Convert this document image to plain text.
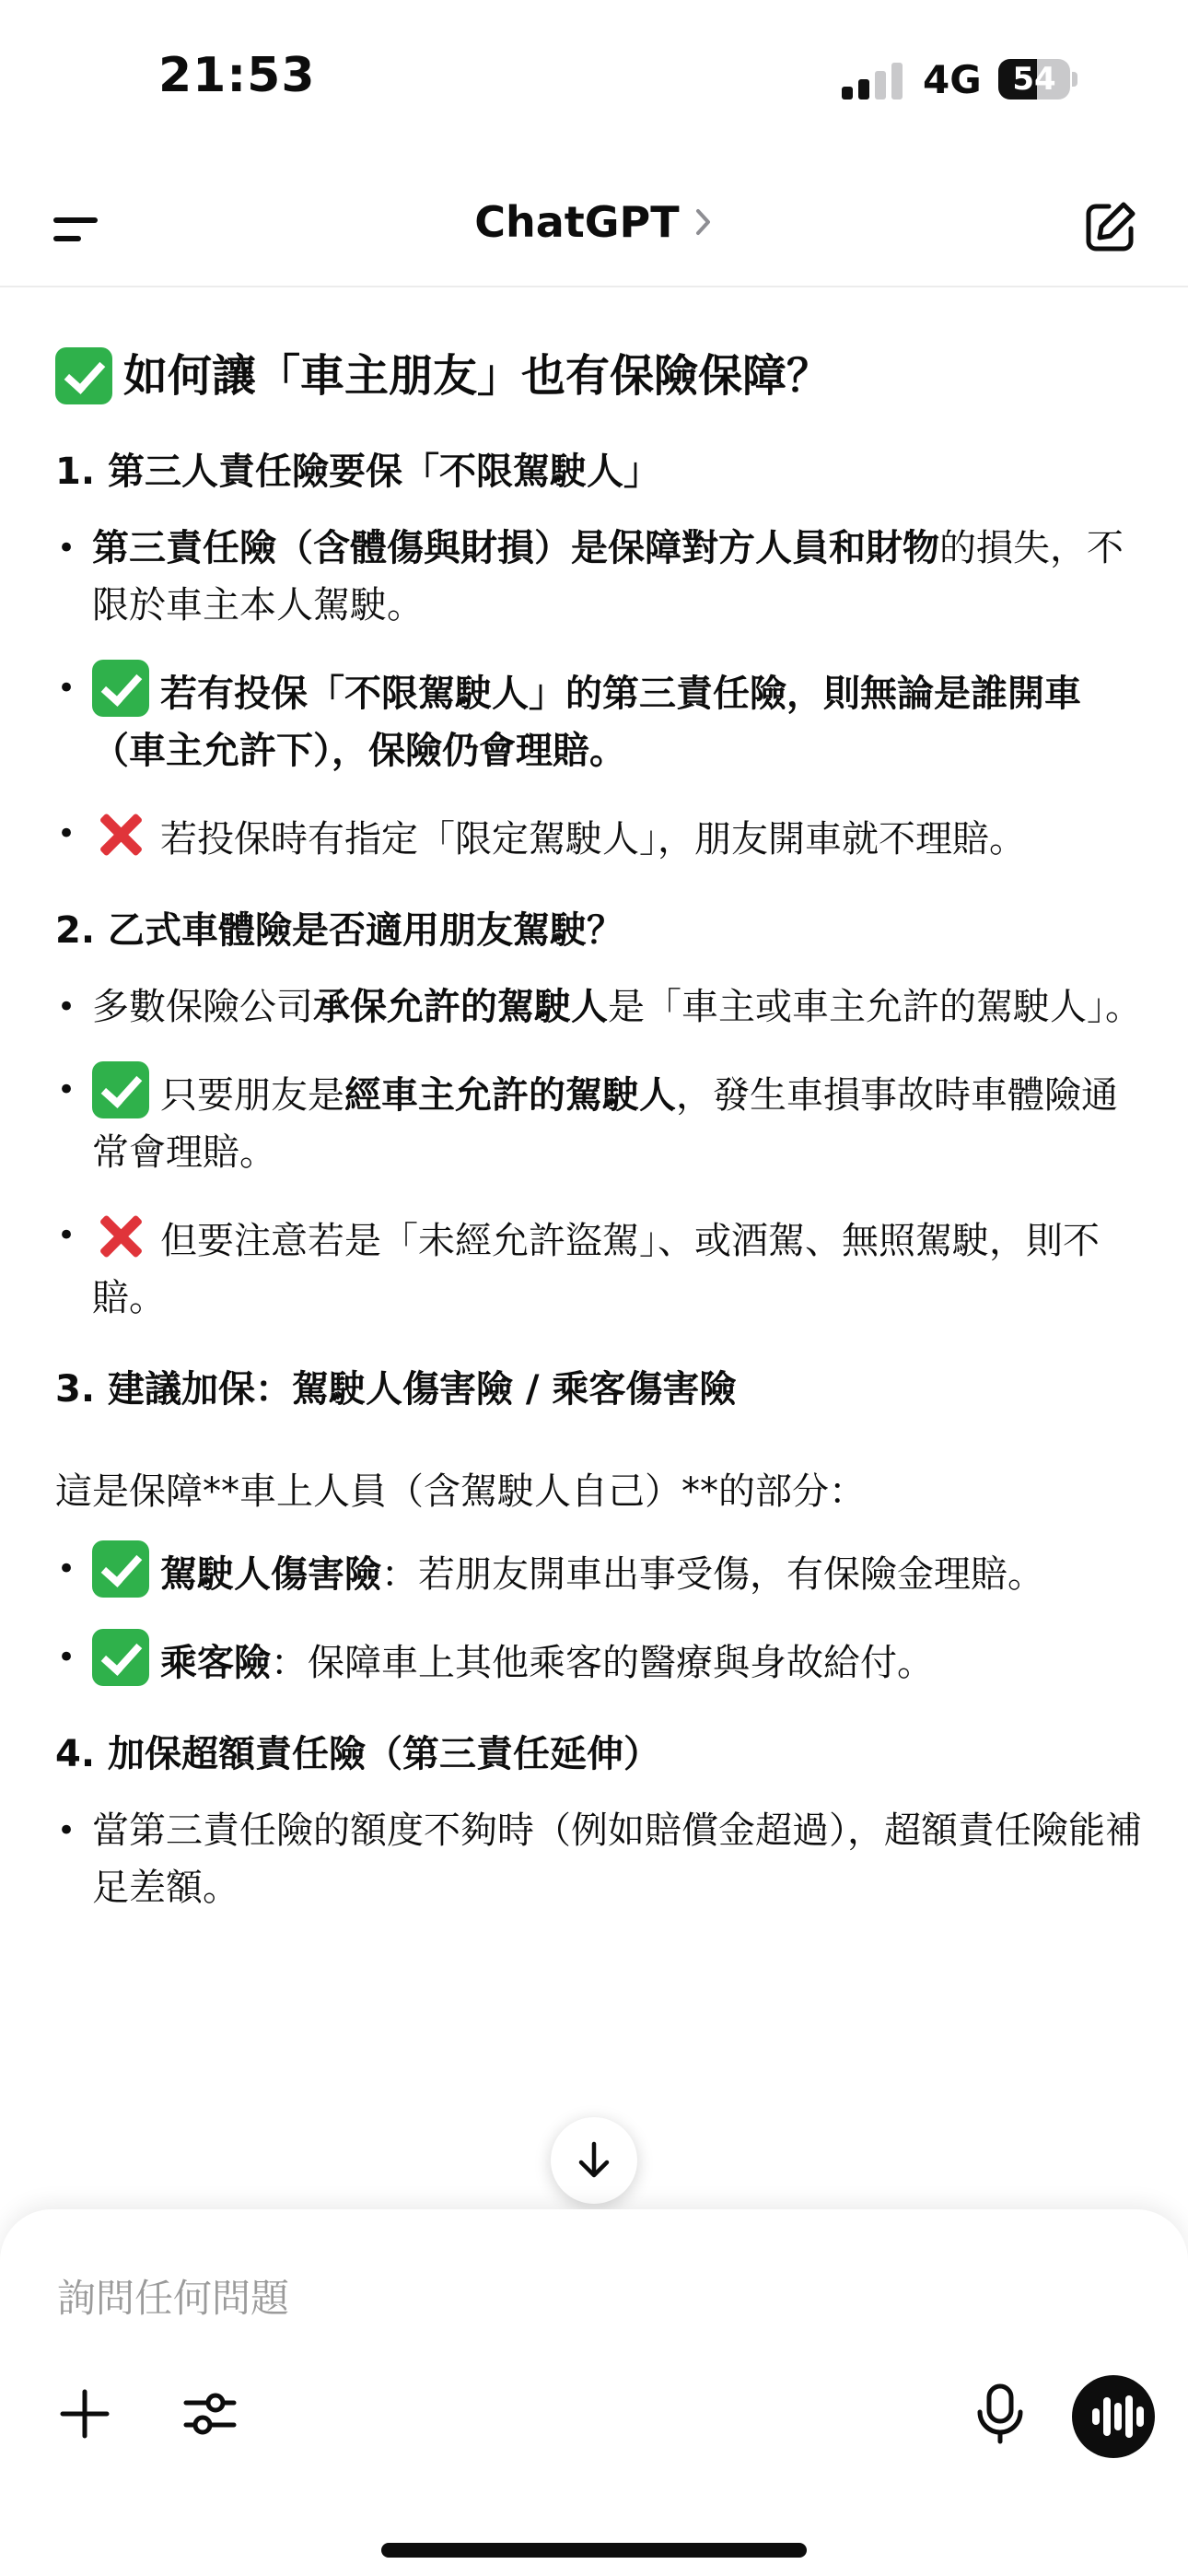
21:53	4G 54
ChatGPT
如何讓「車主朋友」也有保險保障？
1. 第三人責任險要保「不限駕駛人」
• 第三責任險（含體傷與財損）是保障對方人員和財物的損失，不限於車主本人駕駛。
• 若有投保「不限駕駛人」的第三責任險，則無論是誰開車（車主允許下），保險仍會理賠。
• 若投保時有指定「限定駕駛人」，朋友開車就不理賠。
2. 乙式車體險是否適用朋友駕駛？
• 多數保險公司承保允許的駕駛人是「車主或車主允許的駕駛人」。
• 只要朋友是經車主允許的駕駛人，發生車損事故時車體險通常會理賠。
• 但要注意若是「未經允許盜駕」、或酒駕、無照駕駛，則不賠。
3. 建議加保：駕駛人傷害險 / 乘客傷害險
這是保障**車上人員（含駕駛人自己）**的部分：
• 駕駛人傷害險：若朋友開車出事受傷，有保險金理賠。
• 乘客險：保障車上其他乘客的醫療與身故給付。
4. 加保超額責任險（第三責任延伸）
• 當第三責任險的額度不夠時（例如賠償金超過），超額責任險能補足差額。
詢問任何問題
